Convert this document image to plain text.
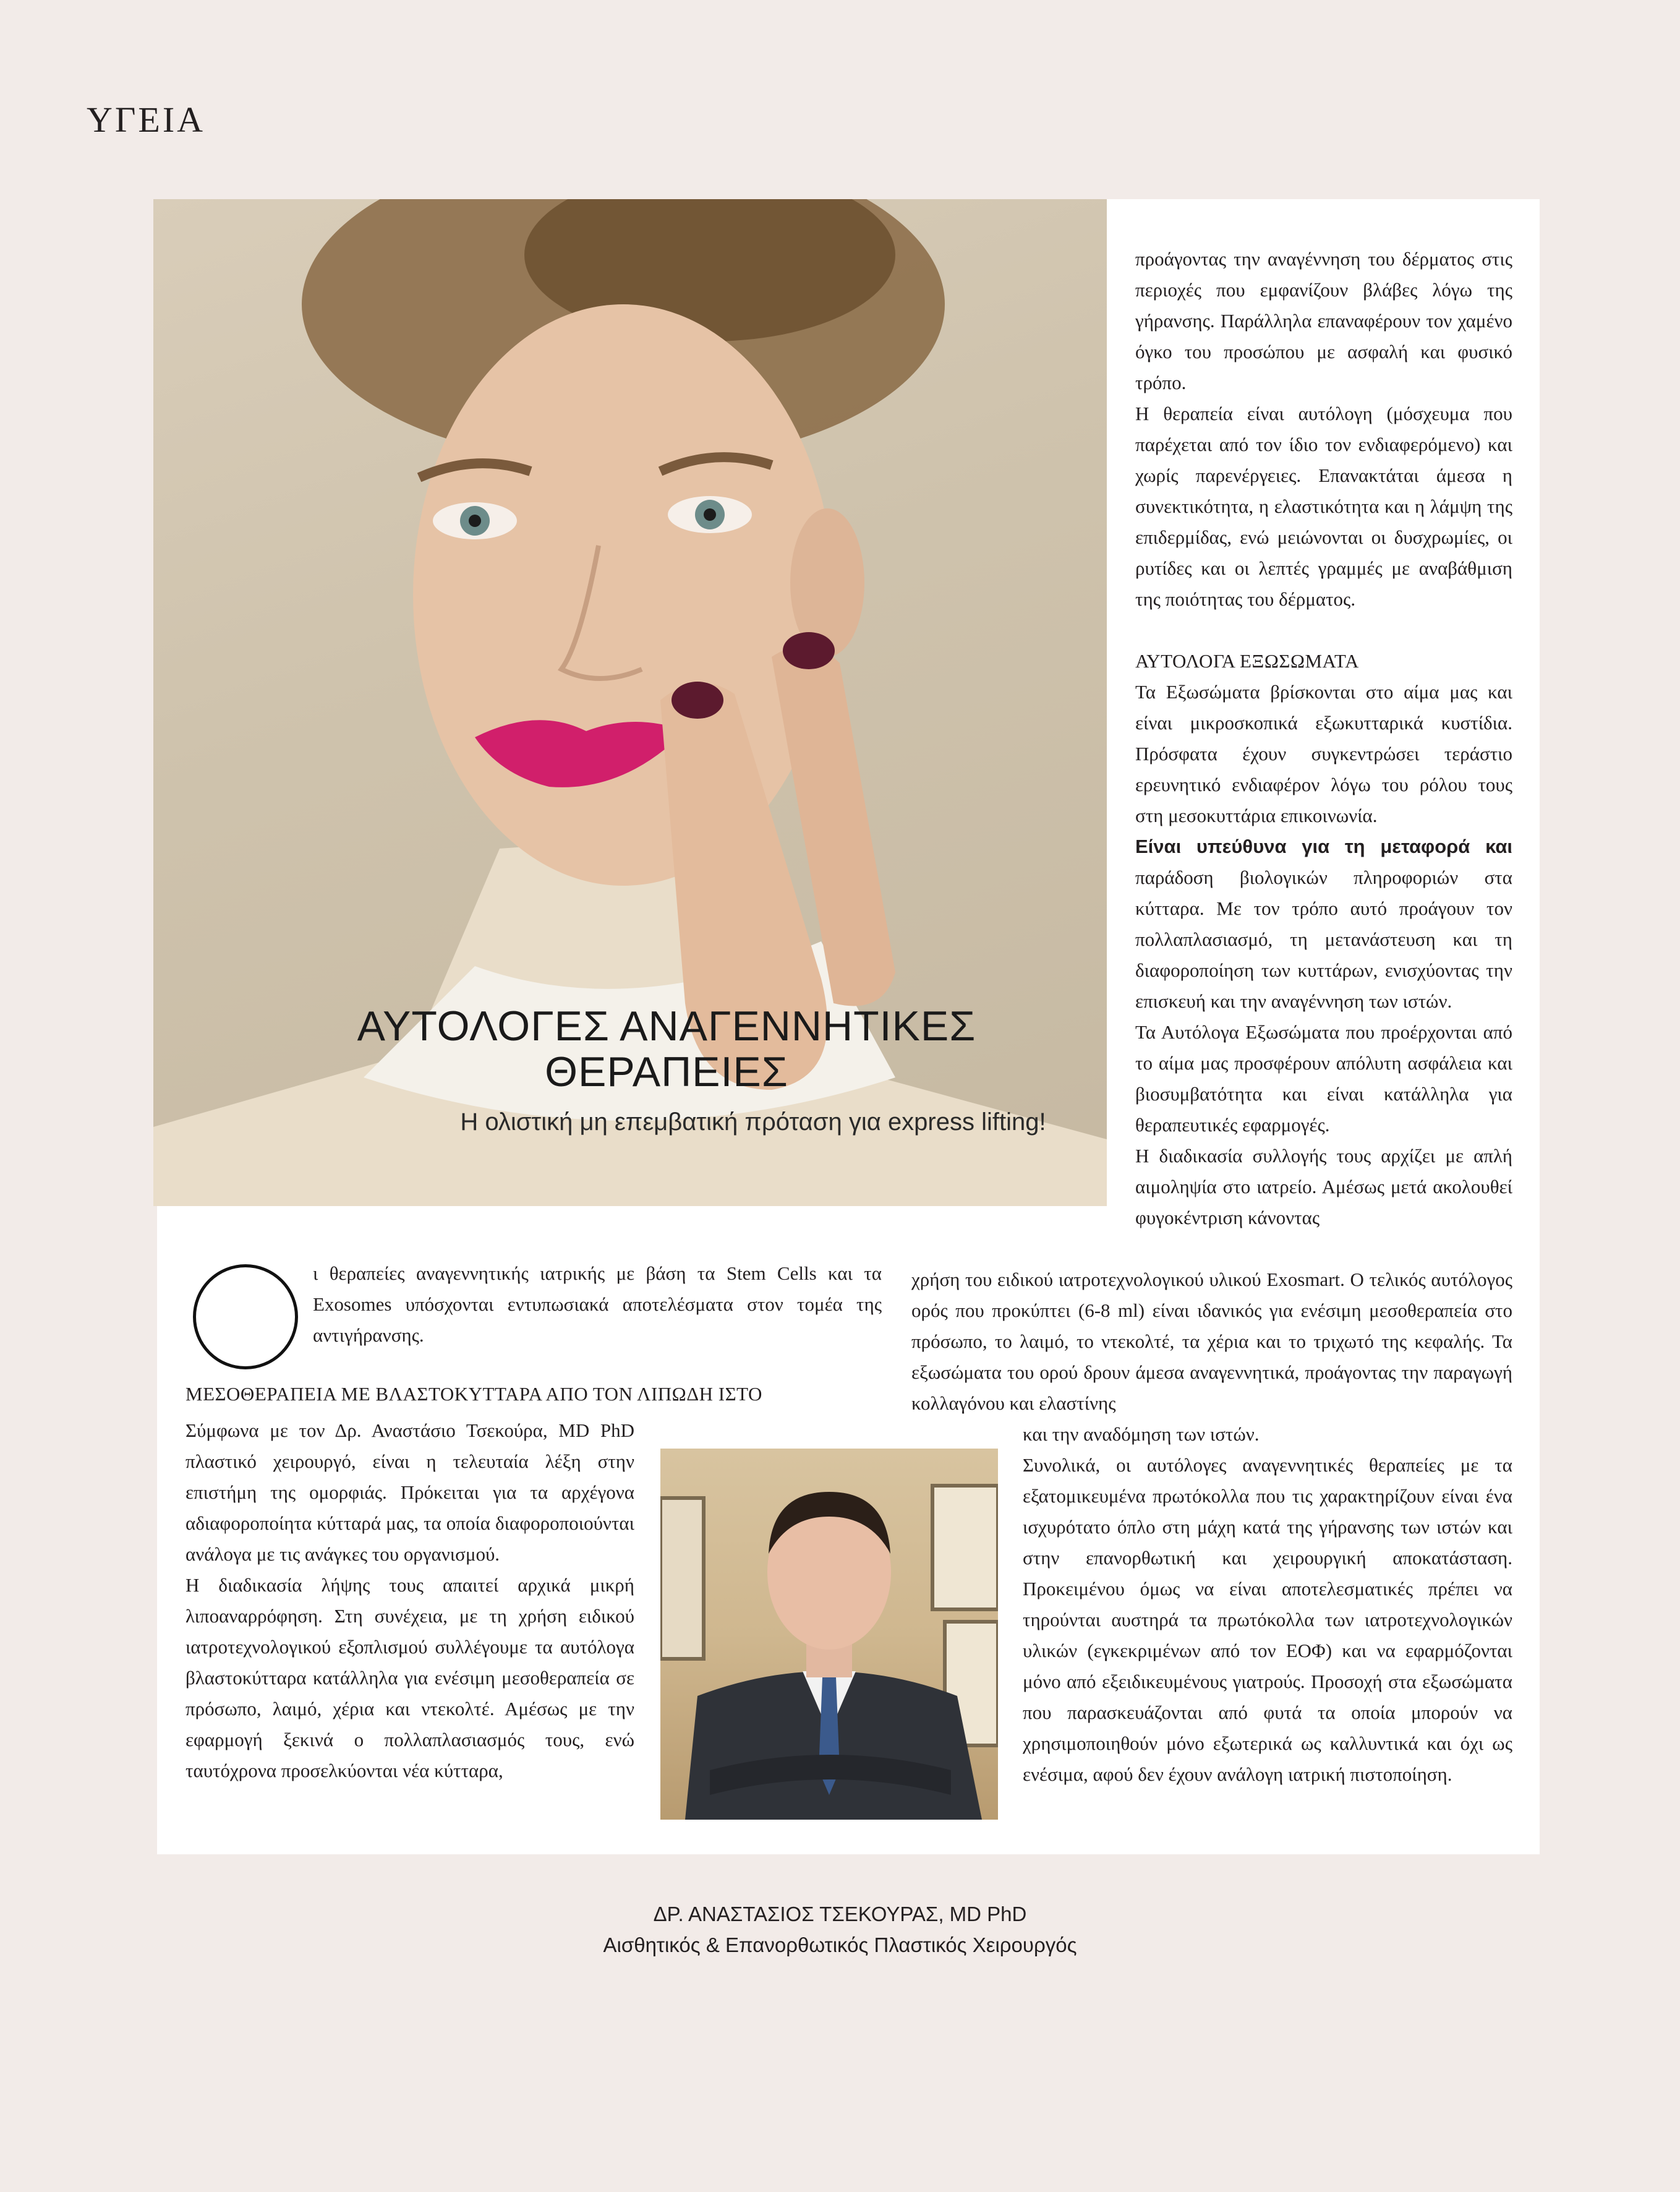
ΥΓΕΙΑ
ΑΥΤΟΛΟΓΕΣ ΑΝΑΓΕΝΝΗΤΙΚΕΣ
ΘΕΡΑΠΕΙΕΣ
Η ολιστική μη επεμβατική πρόταση για express lifting!

προάγοντας την αναγέννηση του δέρματος στις περιοχές που εμφανίζουν βλάβες λόγω της γήρανσης. Παράλληλα επαναφέρουν τον χαμένο όγκο του προσώπου με ασφαλή και φυσικό τρόπο.

Η θεραπεία είναι αυτόλογη (μόσχευμα που παρέχεται από τον ίδιο τον ενδιαφερόμενο) και χωρίς παρενέργειες. Επανακτάται άμεσα η συνεκτικότητα, η ελαστικότητα και η λάμψη της επιδερμίδας, ενώ μειώνονται οι δυσχρωμίες, οι ρυτίδες και οι λεπτές γραμμές με αναβάθμιση της ποιότητας του δέρματος.

ΑΥΤΟΛΟΓΑ ΕΞΩΣΩΜΑΤΑ

Τα Εξωσώματα βρίσκονται στο αίμα μας και είναι μικροσκοπικά εξωκυτταρικά κυστίδια. Πρόσφατα έχουν συγκεντρώσει τεράστιο ερευνητικό ενδιαφέρον λόγω του ρόλου τους στη μεσοκυττάρια επικοινωνία.

Είναι υπεύθυνα για τη μεταφορά και παράδοση βιολογικών πληροφοριών στα κύτταρα. Με τον τρόπο αυτό προάγουν τον πολλαπλασιασμό, τη μετανάστευση και τη διαφοροποίηση των κυττάρων, ενισχύοντας την επισκευή και την αναγέννηση των ιστών.

Τα Αυτόλογα Εξωσώματα που προέρχονται από το αίμα μας προσφέρουν απόλυτη ασφάλεια και βιοσυμβατότητα και είναι κατάλληλα για θεραπευτικές εφαρμογές.

Η διαδικασία συλλογής τους αρχίζει με απλή αιμοληψία στο ιατρείο. Αμέσως μετά ακολουθεί φυγοκέντριση κάνοντας

χρήση του ειδικού ιατροτεχνολογικού υλικού Exosmart. Ο τελικός αυτόλογος ορός που προκύπτει (6-8 ml) είναι ιδανικός για ενέσιμη μεσοθεραπεία στο πρόσωπο, το λαιμό, το ντεκολτέ, τα χέρια και το τριχωτό της κεφαλής. Τα εξωσώματα του ορού δρουν άμεσα αναγεννητικά, προάγοντας την παραγωγή κολλαγόνου και ελαστίνης

και την αναδόμηση των ιστών.

Συνολικά, οι αυτόλογες αναγεννητικές θεραπείες με τα εξατομικευμένα πρωτόκολλα που τις χαρακτηρίζουν είναι ένα ισχυρότατο όπλο στη μάχη κατά της γήρανσης των ιστών και στην επανορθωτική και χειρουργική αποκατάσταση. Προκειμένου όμως να είναι αποτελεσματικές πρέπει να τηρούνται αυστηρά τα πρωτόκολλα των ιατροτεχνολογικών υλικών (εγκεκριμένων από τον ΕΟΦ) και να εφαρμόζονται μόνο από εξειδικευμένους γιατρούς. Προσοχή στα εξωσώματα που παρασκευάζονται από φυτά τα οποία μπορούν να χρησιμοποιηθούν μόνο εξωτερικά ως καλλυντικά και όχι ως ενέσιμα, αφού δεν έχουν ανάλογη ιατρική πιστοποίηση.

ι θεραπείες αναγεννητικής ιατρικής με βάση τα Stem Cells και τα Exosomes υπόσχονται εντυπωσιακά αποτελέσματα στον τομέα της αντιγήρανσης.
ΜΕΣΟΘΕΡΑΠΕΙΑ ΜΕ ΒΛΑΣΤΟΚΥΤΤΑΡΑ ΑΠΟ ΤΟΝ ΛΙΠΩΔΗ ΙΣΤΟ

Σύμφωνα με τον Δρ. Αναστάσιο Τσεκούρα, MD PhD πλαστικό χειρουργό, είναι η τελευταία λέξη στην επιστήμη της ομορφιάς. Πρόκειται για τα αρχέγονα αδιαφοροποίητα κύτταρά μας, τα οποία διαφοροποιούνται ανάλογα με τις ανάγκες του οργανισμού.

Η διαδικασία λήψης τους απαιτεί αρχικά μικρή λιποαναρρόφηση. Στη συνέχεια, με τη χρήση ειδικού ιατροτεχνολογικού εξοπλισμού συλλέγουμε τα αυτόλογα βλαστοκύτταρα κατάλληλα για ενέσιμη μεσοθεραπεία σε πρόσωπο, λαιμό, χέρια και ντεκολτέ. Αμέσως με την εφαρμογή ξεκινά ο πολλαπλασιασμός τους, ενώ ταυτόχρονα προσελκύονται νέα κύτταρα,

ΔΡ. ΑΝΑΣΤΑΣΙΟΣ ΤΣΕΚΟΥΡΑΣ, MD PhD
Αισθητικός & Επανορθωτικός Πλαστικός Χειρουργός
